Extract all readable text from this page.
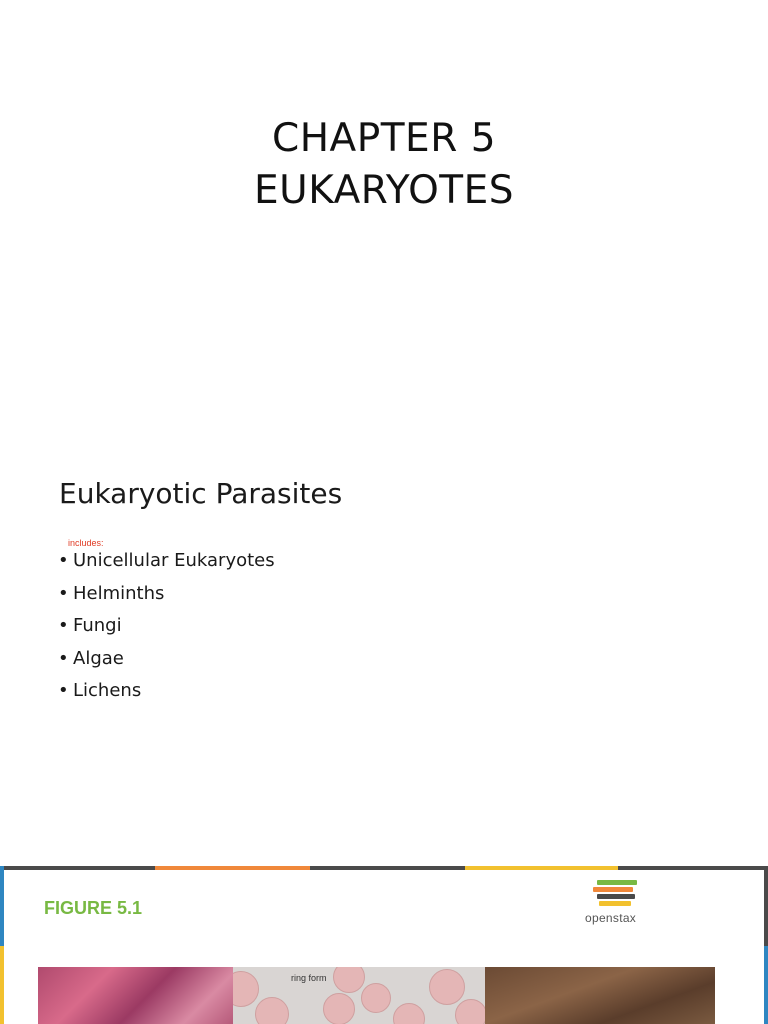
CHAPTER 5
EUKARYOTES
Eukaryotic Parasites
includes:
• Unicellular Eukaryotes
• Helminths
• Fungi
• Algae
• Lichens
FIGURE 5.1	openstax
ring form
